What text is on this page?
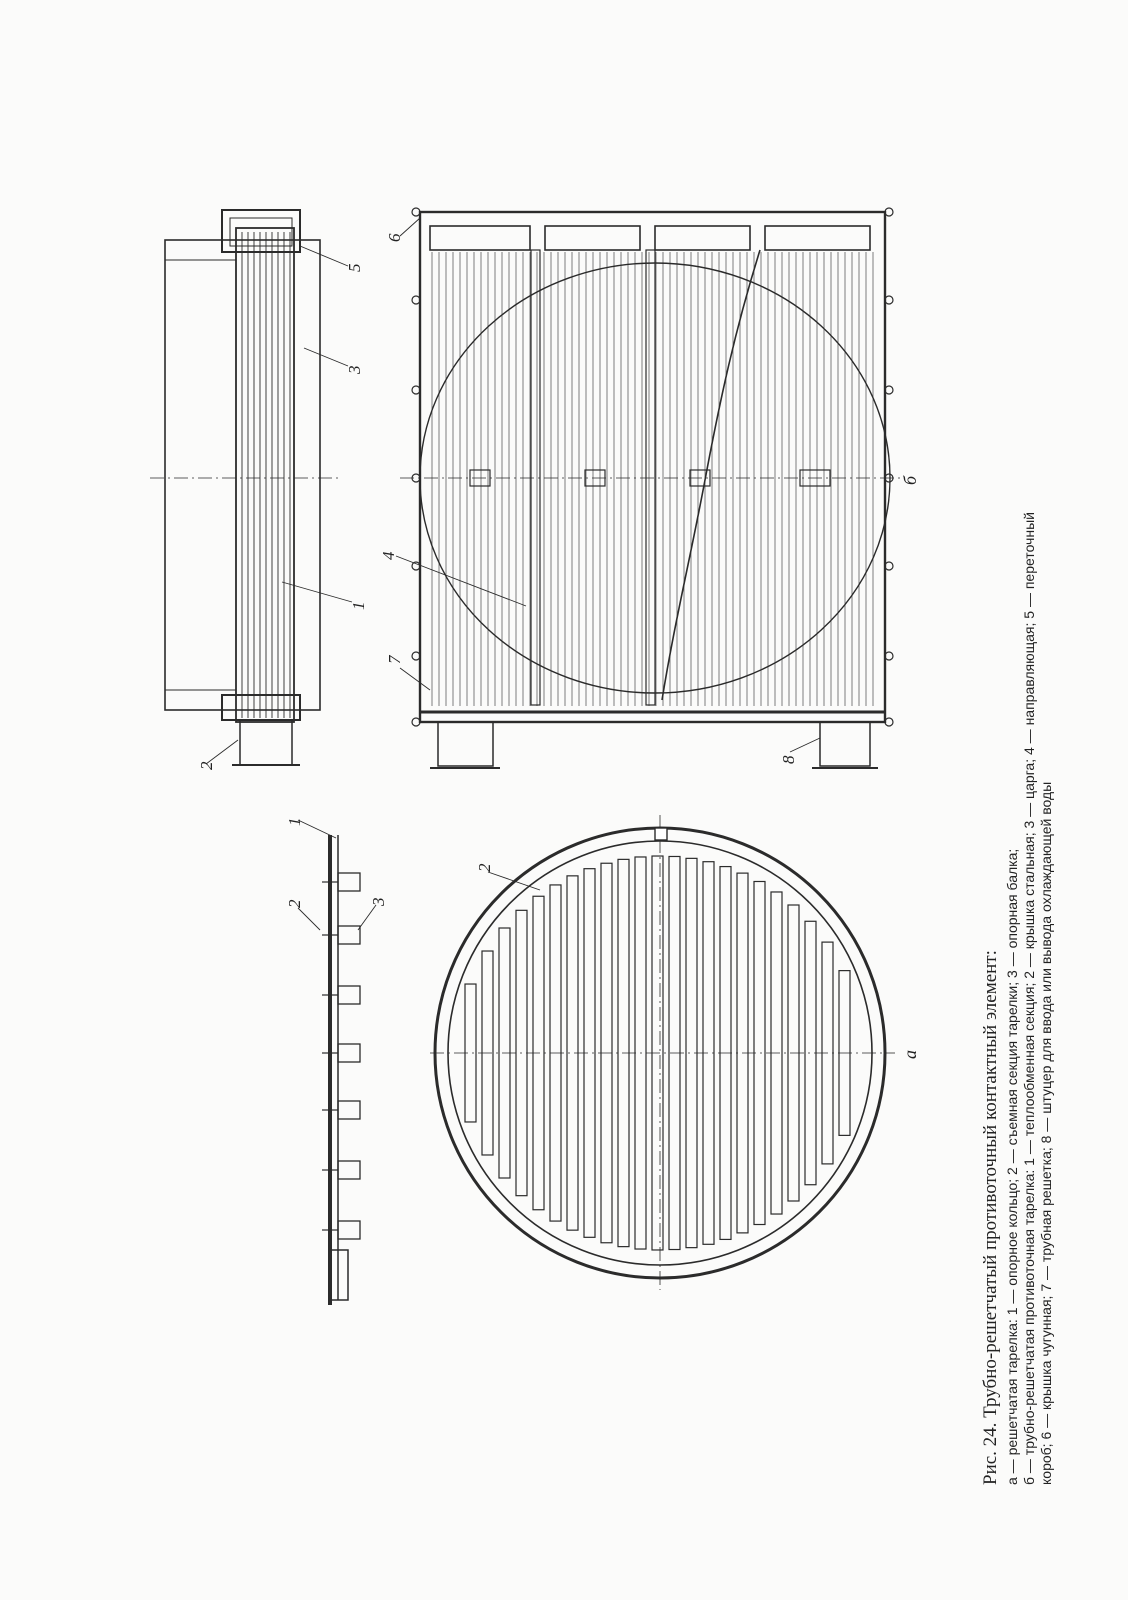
1
2	3
2
2
1
3
5
6
7
4
8
а
б
Рис. 24. Трубно-решетчатый противоточный контактный элемент: а — решетчатая тарелка: 1 — опорное кольцо; 2 — съемная секция тарелки; 3 — опорная балка; б — трубно-решетчатая противоточная тарелка: 1 — теплообменная секция; 2 — крышка стальная; 3 — царга; 4 — направляющая; 5 — переточный короб; 6 — крышка чугунная; 7 — трубная решетка; 8 — штуцер для ввода или вывода охлаждающей воды
